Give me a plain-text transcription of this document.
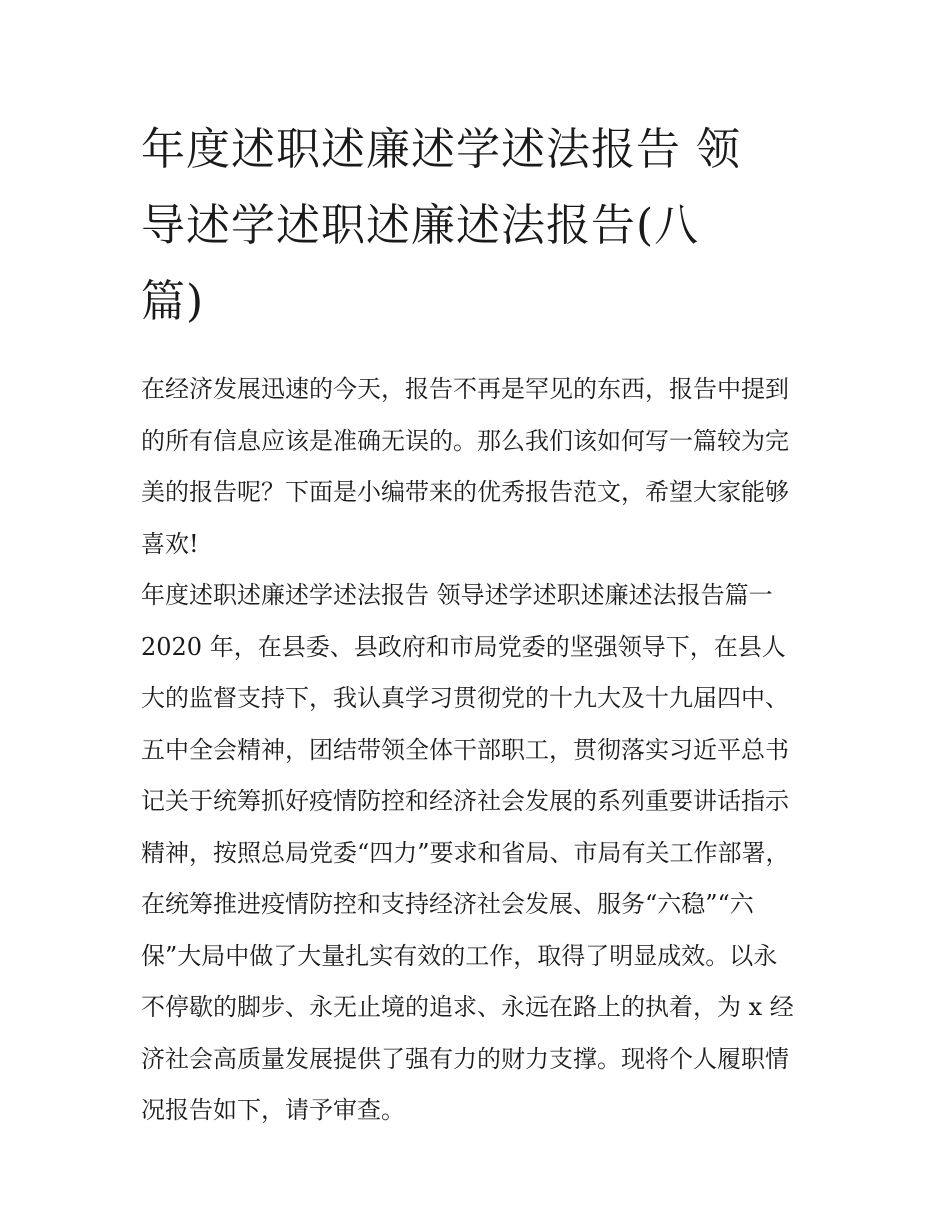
年度述职述廉述学述法报告 领
导述学述职述廉述法报告(八
篇)
在经济发展迅速的今天，报告不再是罕见的东西，报告中提到
的所有信息应该是准确无误的。那么我们该如何写一篇较为完
美的报告呢？下面是小编带来的优秀报告范文，希望大家能够
喜欢!
年度述职述廉述学述法报告 领导述学述职述廉述法报告篇一
2020 年，在县委、县政府和市局党委的坚强领导下，在县人
大的监督支持下，我认真学习贯彻党的十九大及十九届四中、
五中全会精神，团结带领全体干部职工，贯彻落实习近平总书
记关于统筹抓好疫情防控和经济社会发展的系列重要讲话指示
精神，按照总局党委“四力”要求和省局、市局有关工作部署，
在统筹推进疫情防控和支持经济社会发展、服务“六稳”“六
保”大局中做了大量扎实有效的工作，取得了明显成效。以永
不停歇的脚步、永无止境的追求、永远在路上的执着，为 x 经
济社会高质量发展提供了强有力的财力支撑。现将个人履职情
况报告如下，请予审查。
